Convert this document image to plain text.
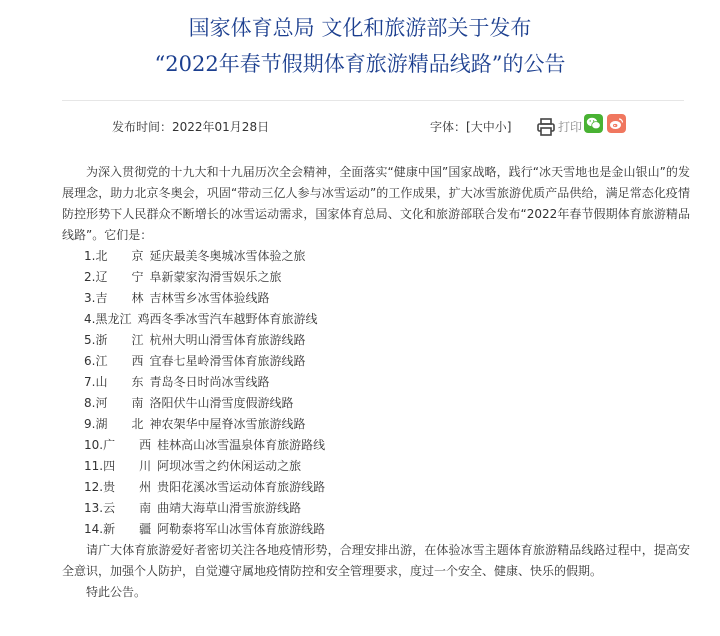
国家体育总局 文化和旅游部关于发布
“2022年春节假期体育旅游精品线路”的公告
发布时间：2022年01月28日	字体：[大中小]	打印

为深入贯彻党的十九大和十九届历次全会精神，全面落实“健康中国”国家战略，践行“冰天雪地也是金山银山”的发展理念，助力北京冬奥会，巩固“带动三亿人参与冰雪运动”的工作成果，扩大冰雪旅游优质产品供给，满足常态化疫情防控形势下人民群众不断增长的冰雪运动需求，国家体育总局、文化和旅游部联合发布“2022年春节假期体育旅游精品线路”。它们是：

1.北　　京 延庆最美冬奥城冰雪体验之旅
2.辽　　宁 阜新蒙家沟滑雪娱乐之旅
3.吉　　林 吉林雪乡冰雪体验线路
4.黑龙江 鸡西冬季冰雪汽车越野体育旅游线
5.浙　　江 杭州大明山滑雪体育旅游线路
6.江　　西 宜春七星岭滑雪体育旅游线路
7.山　　东 青岛冬日时尚冰雪线路
8.河　　南 洛阳伏牛山滑雪度假游线路
9.湖　　北 神农架华中屋脊冰雪旅游线路
10.广　　西 桂林高山冰雪温泉体育旅游路线
11.四　　川 阿坝冰雪之约休闲运动之旅
12.贵　　州 贵阳花溪冰雪运动体育旅游线路
13.云　　南 曲靖大海草山滑雪旅游线路
14.新　　疆 阿勒泰将军山冰雪体育旅游线路

请广大体育旅游爱好者密切关注各地疫情形势，合理安排出游，在体验冰雪主题体育旅游精品线路过程中，提高安全意识，加强个人防护，自觉遵守属地疫情防控和安全管理要求，度过一个安全、健康、快乐的假期。

特此公告。
